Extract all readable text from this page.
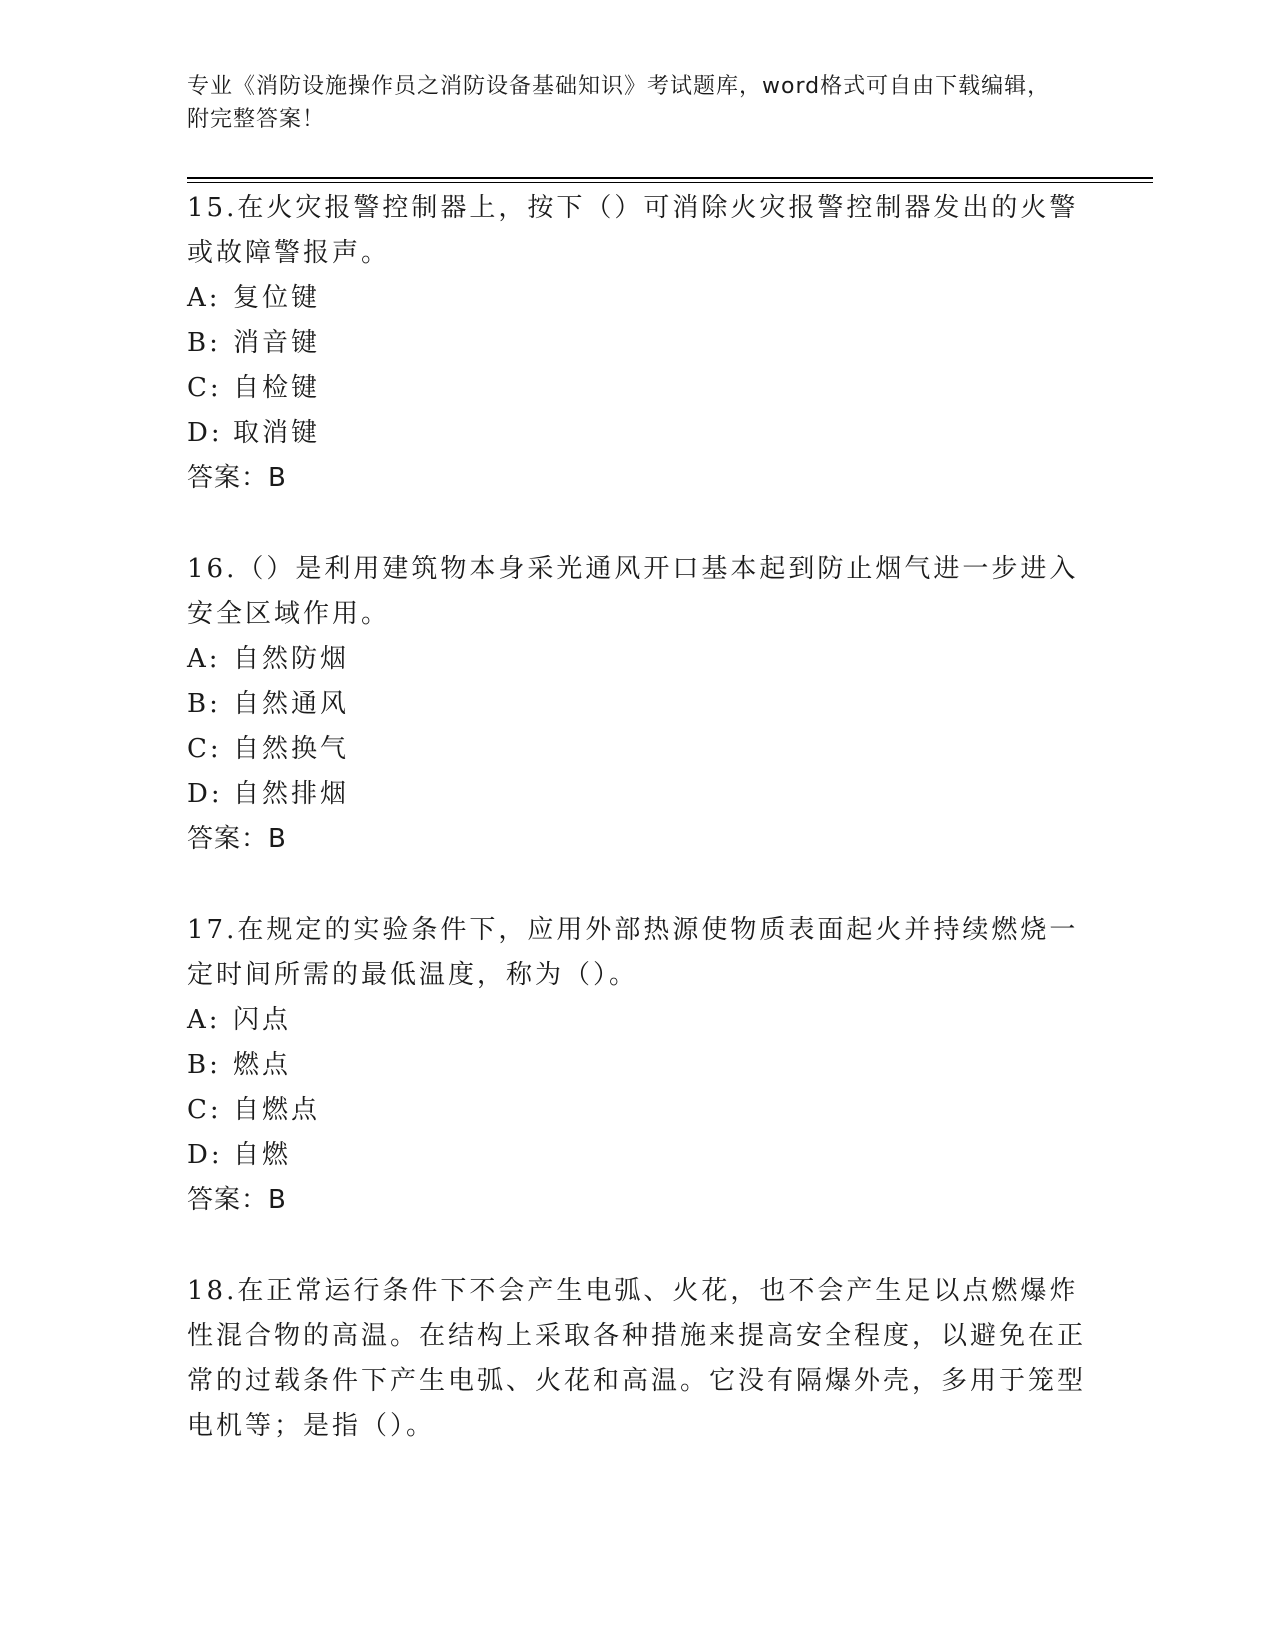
专业《消防设施操作员之消防设备基础知识》考试题库，word格式可自由下载编辑，附完整答案！

15.在火灾报警控制器上，按下（）可消除火灾报警控制器发出的火警或故障警报声。

A: 复位键

B: 消音键

C: 自检键

D: 取消键

答案：B

16.（）是利用建筑物本身采光通风开口基本起到防止烟气进一步进入安全区域作用。

A: 自然防烟

B: 自然通风

C: 自然换气

D: 自然排烟

答案：B

17.在规定的实验条件下，应用外部热源使物质表面起火并持续燃烧一定时间所需的最低温度，称为（）。

A: 闪点

B: 燃点

C: 自燃点

D: 自燃

答案：B

18.在正常运行条件下不会产生电弧、火花，也不会产生足以点燃爆炸性混合物的高温。在结构上采取各种措施来提高安全程度，以避免在正常的过载条件下产生电弧、火花和高温。它没有隔爆外壳，多用于笼型电机等；是指（）。
